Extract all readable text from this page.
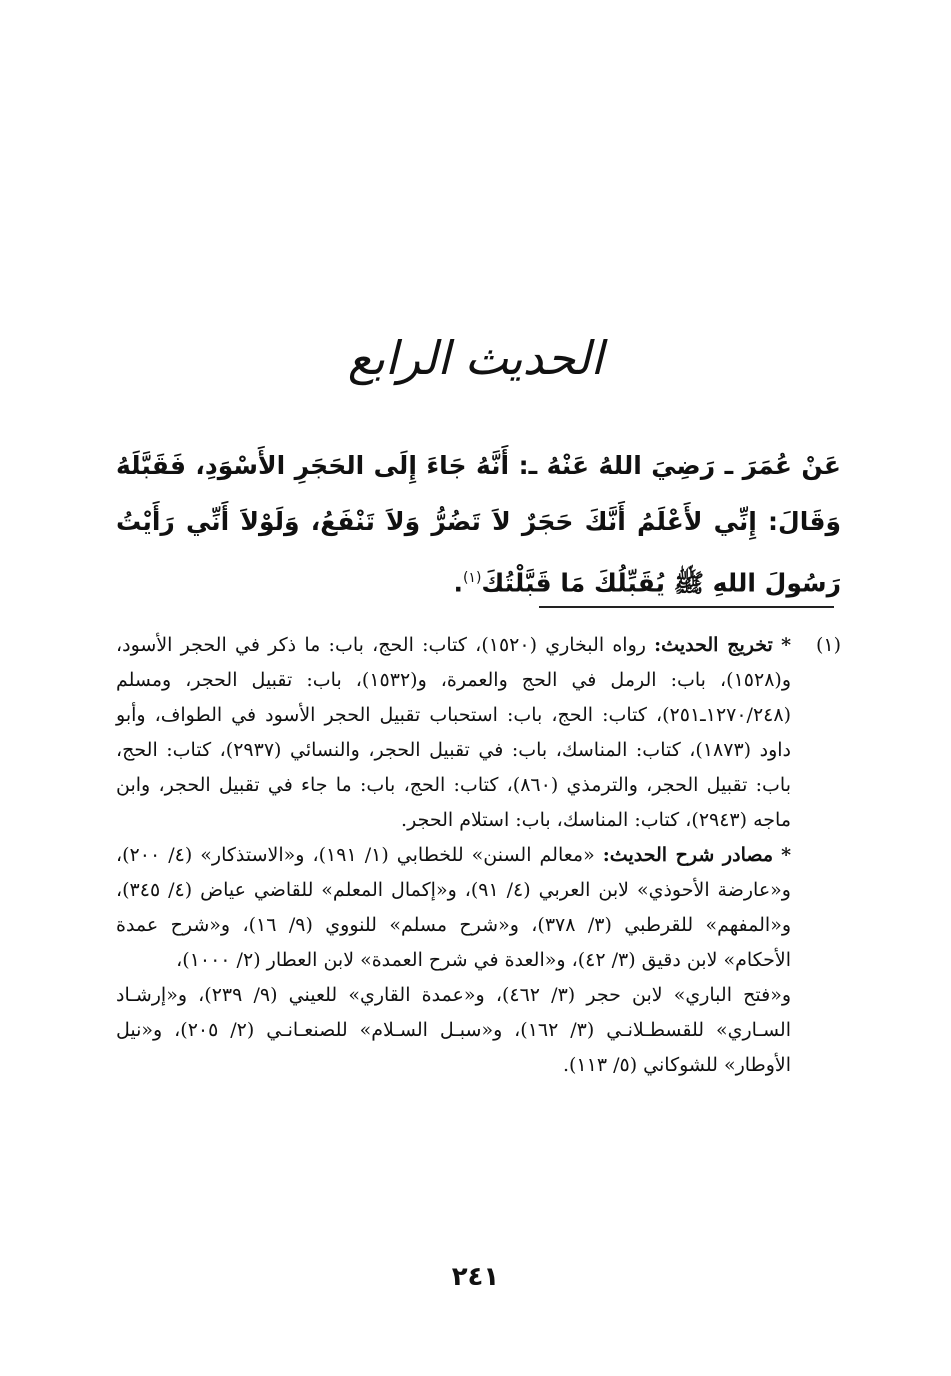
الحديث الرابع
عَنْ عُمَرَ ـ رَضِيَ اللهُ عَنْهُ ـ: أَنَّهُ جَاءَ إِلَى الحَجَرِ الأَسْوَدِ، فَقَبَّلَهُ وَقَالَ: إِنِّي لأَعْلَمُ أَنَّكَ حَجَرٌ لاَ تَضُرُّ وَلاَ تَنْفَعُ، وَلَوْلاَ أَنِّي رَأَيْتُ رَسُولَ اللهِ ﷺ يُقَبِّلُكَ مَا قَبَّلْتُكَ$^{(١)}$.
(١)

* تخريج الحديث: رواه البخاري (١٥٢٠)، كتاب: الحج، باب: ما ذكر في الحجر الأسود، و(١٥٢٨)، باب: الرمل في الحج والعمرة، و(١٥٣٢)، باب: تقبيل الحجر، ومسلم (١٢٧٠/٢٤٨ـ٢٥١)، كتاب: الحج، باب: استحباب تقبيل الحجر الأسود في الطواف، وأبو داود (١٨٧٣)، كتاب: المناسك، باب: في تقبيل الحجر، والنسائي (٢٩٣٧)، كتاب: الحج، باب: تقبيل الحجر، والترمذي (٨٦٠)، كتاب: الحج، باب: ما جاء في تقبيل الحجر، وابن ماجه (٢٩٤٣)، كتاب: المناسك، باب: استلام الحجر.

* مصادر شرح الحديث: «معالم السنن» للخطابي (١/ ١٩١)، و«الاستذكار» (٤/ ٢٠٠)، و«عارضة الأحوذي» لابن العربي (٤/ ٩١)، و«إكمال المعلم» للقاضي عياض (٤/ ٣٤٥)، و«المفهم» للقرطبي (٣/ ٣٧٨)، و«شرح مسلم» للنووي (٩/ ١٦)، و«شرح عمدة الأحكام» لابن دقيق (٣/ ٤٢)، و«العدة في شرح العمدة» لابن العطار (٢/ ١٠٠٠)،

و«فتح الباري» لابن حجر (٣/ ٤٦٢)، و«عمدة القاري» للعيني (٩/ ٢٣٩)، و«إرشـاد السـاري» للقسطـلانـي (٣/ ١٦٢)، و«سبـل السـلام» للصنعـانـي (٢/ ٢٠٥)، و«نيل الأوطار» للشوكاني (٥/ ١١٣).

٢٤١
